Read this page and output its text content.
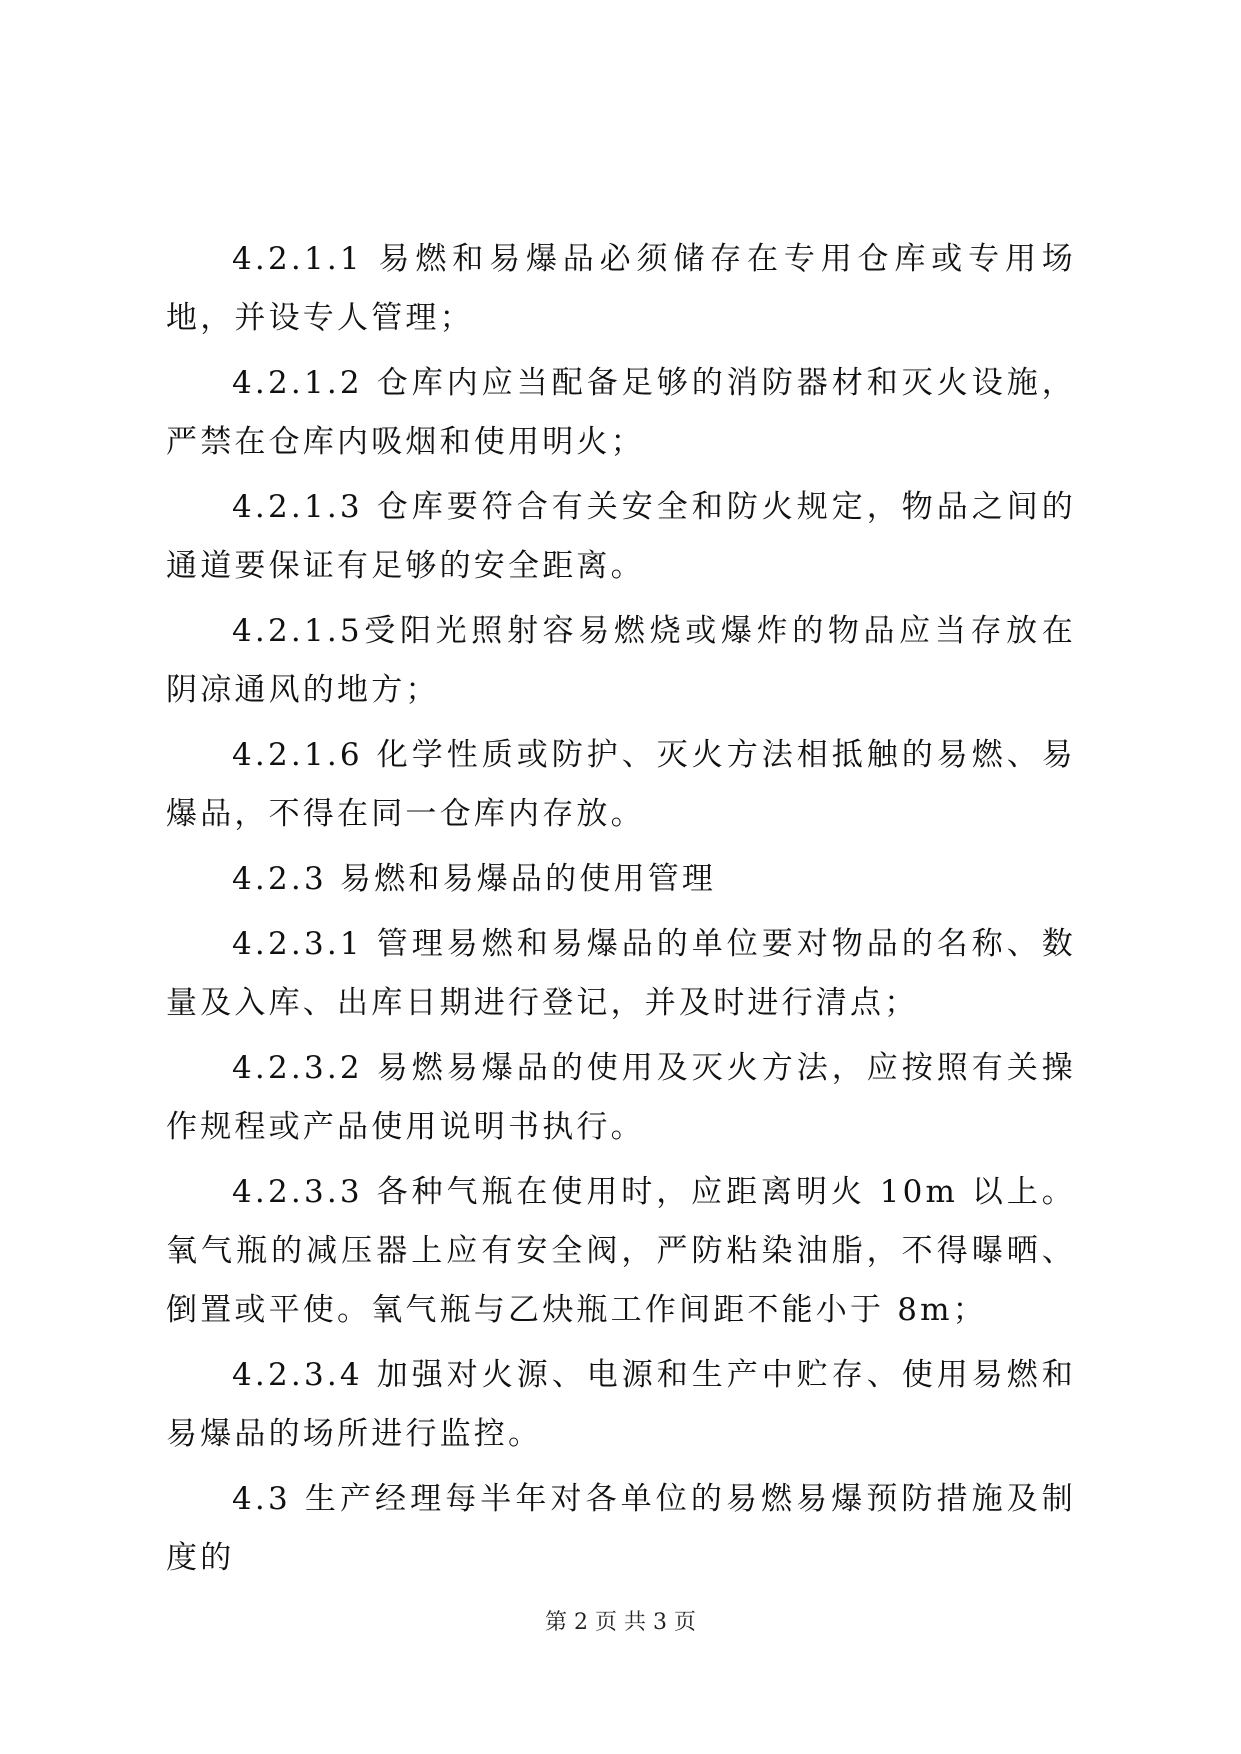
4.2.1.1 易燃和易爆品必须储存在专用仓库或专用场地，并设专人管理；

4.2.1.2 仓库内应当配备足够的消防器材和灭火设施，严禁在仓库内吸烟和使用明火；

4.2.1.3 仓库要符合有关安全和防火规定，物品之间的通道要保证有足够的安全距离。

4.2.1.5受阳光照射容易燃烧或爆炸的物品应当存放在阴凉通风的地方；

4.2.1.6 化学性质或防护、灭火方法相抵触的易燃、易爆品，不得在同一仓库内存放。

4.2.3 易燃和易爆品的使用管理

4.2.3.1 管理易燃和易爆品的单位要对物品的名称、数量及入库、出库日期进行登记，并及时进行清点；

4.2.3.2 易燃易爆品的使用及灭火方法，应按照有关操作规程或产品使用说明书执行。

4.2.3.3 各种气瓶在使用时，应距离明火 10m 以上。氧气瓶的减压器上应有安全阀，严防粘染油脂，不得曝晒、倒置或平使。氧气瓶与乙炔瓶工作间距不能小于 8m；

4.2.3.4 加强对火源、电源和生产中贮存、使用易燃和易爆品的场所进行监控。

4.3 生产经理每半年对各单位的易燃易爆预防措施及制度的

第 2 页 共 3 页
